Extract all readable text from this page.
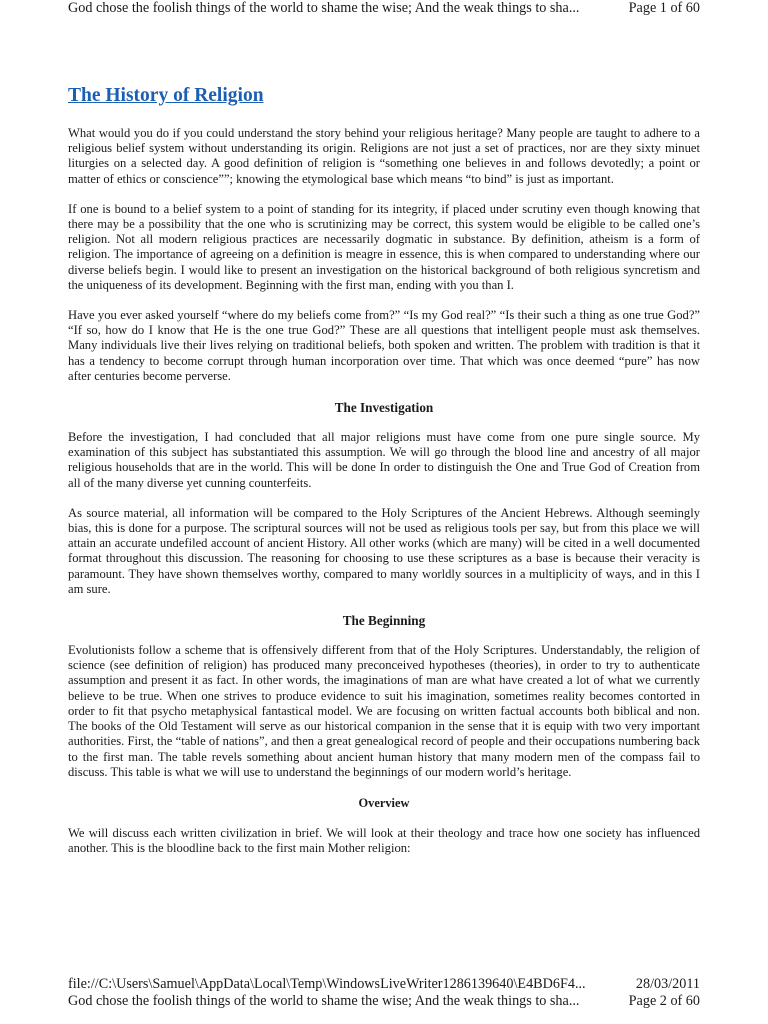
God chose the foolish things of the world to shame the wise; And the weak things to sha...	Page 1 of 60
The History of Religion

What would you do if you could understand the story behind your religious heritage? Many people are taught to adhere to a religious belief system without understanding its origin. Religions are not just a set of practices, nor are they sixty minuet liturgies on a selected day. A good definition of religion is “something one believes in and follows devotedly; a point or matter of ethics or conscience””; knowing the etymological base which means “to bind” is just as important.

If one is bound to a belief system to a point of standing for its integrity, if placed under scrutiny even though knowing that there may be a possibility that the one who is scrutinizing may be correct, this system would be eligible to be called one’s religion. Not all modern religious practices are necessarily dogmatic in substance. By definition, atheism is a form of religion. The importance of agreeing on a definition is meagre in essence, this is when compared to understanding where our diverse beliefs begin. I would like to present an investigation on the historical background of both religious syncretism and the uniqueness of its development. Beginning with the first man, ending with you than I.

Have you ever asked yourself “where do my beliefs come from?” “Is my God real?” “Is their such a thing as one true God?” “If so, how do I know that He is the one true God?” These are all questions that intelligent people must ask themselves. Many individuals live their lives relying on traditional beliefs, both spoken and written. The problem with tradition is that it has a tendency to become corrupt through human incorporation over time. That which was once deemed “pure” has now after centuries become perverse.

The Investigation

Before the investigation, I had concluded that all major religions must have come from one pure single source. My examination of this subject has substantiated this assumption. We will go through the blood line and ancestry of all major religious households that are in the world. This will be done In order to distinguish the One and True God of Creation from all of the many diverse yet cunning counterfeits.

As source material, all information will be compared to the Holy Scriptures of the Ancient Hebrews. Although seemingly bias, this is done for a purpose. The scriptural sources will not be used as religious tools per say, but from this place we will attain an accurate undefiled account of ancient History. All other works (which are many) will be cited in a well documented format throughout this discussion. The reasoning for choosing to use these scriptures as a base is because their veracity is paramount. They have shown themselves worthy, compared to many worldly sources in a multiplicity of ways, and in this I am sure.

The Beginning

Evolutionists follow a scheme that is offensively different from that of the Holy Scriptures. Understandably, the religion of science (see definition of religion) has produced many preconceived hypotheses (theories), in order to try to authenticate assumption and present it as fact. In other words, the imaginations of man are what have created a lot of what we currently believe to be true. When one strives to produce evidence to suit his imagination, sometimes reality becomes contorted in order to fit that psycho metaphysical fantastical model. We are focusing on written factual accounts both biblical and non. The books of the Old Testament will serve as our historical companion in the sense that it is equip with two very important authorities. First, the “table of nations”, and then a great genealogical record of people and their occupations numbering back to the first man. The table revels something about ancient human history that many modern men of the compass fail to discuss. This table is what we will use to understand the beginnings of our modern world’s heritage.

Overview

We will discuss each written civilization in brief. We will look at their theology and trace how one society has influenced another. This is the bloodline back to the first main Mother religion:

file://C:\Users\Samuel\AppData\Local\Temp\WindowsLiveWriter1286139640\E4BD6F4...	28/03/2011
God chose the foolish things of the world to shame the wise; And the weak things to sha...	Page 2 of 60
